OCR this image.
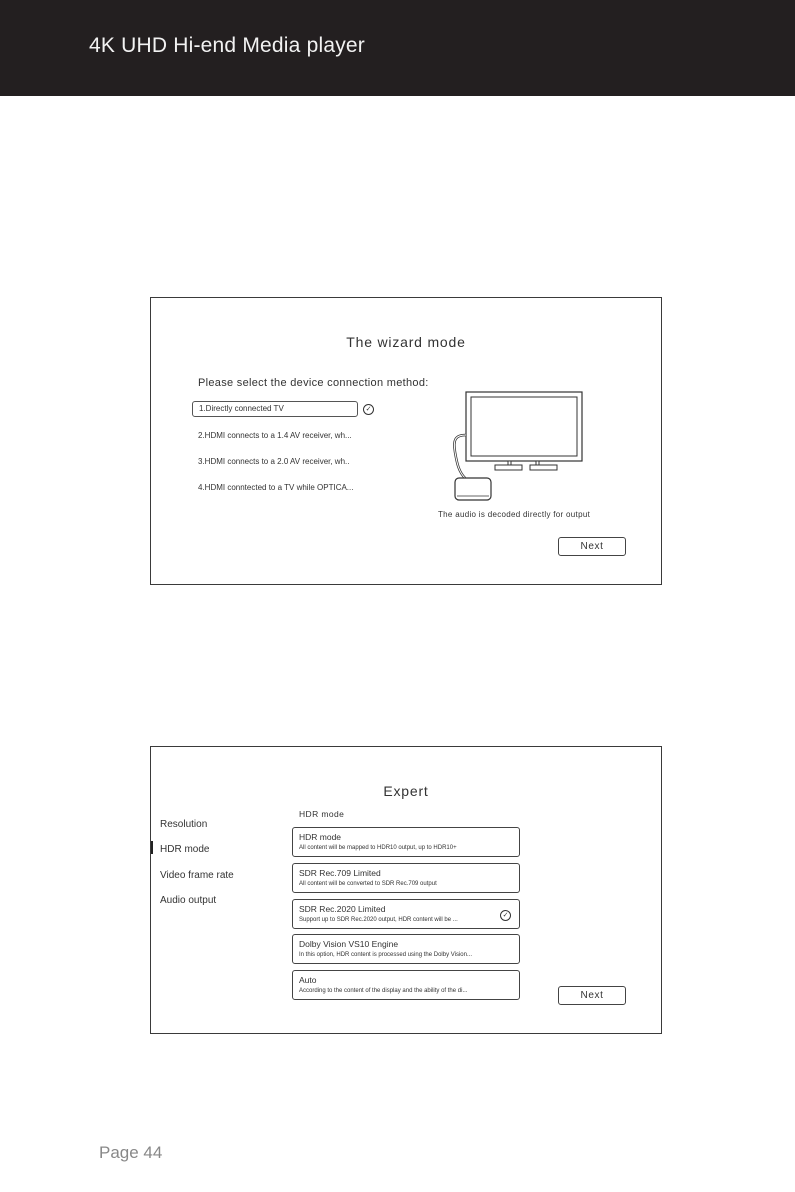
4K UHD Hi-end Media player
The wizard mode
Please select the device connection method:
1.Directly connected TV	✓
2.HDMI connects to a 1.4 AV receiver, wh...
3.HDMI connects to a 2.0 AV receiver, wh..
4.HDMI conntected to a TV while OPTICA...
The audio is decoded directly for output
Next
Expert
Resolution
HDR mode
Video frame rate
Audio output
HDR mode
HDR mode
All content will be mapped to HDR10 output, up to HDR10+
SDR Rec.709 Limited
All content will be converted to SDR Rec.709 output
SDR Rec.2020 Limited
Support up to SDR Rec.2020 output, HDR content will be ...
✓
Dolby Vision VS10 Engine
In this option, HDR content is processed using the Dolby Vision...
Auto
According to the content of the display and the ability of the di...	Next
Page 44
